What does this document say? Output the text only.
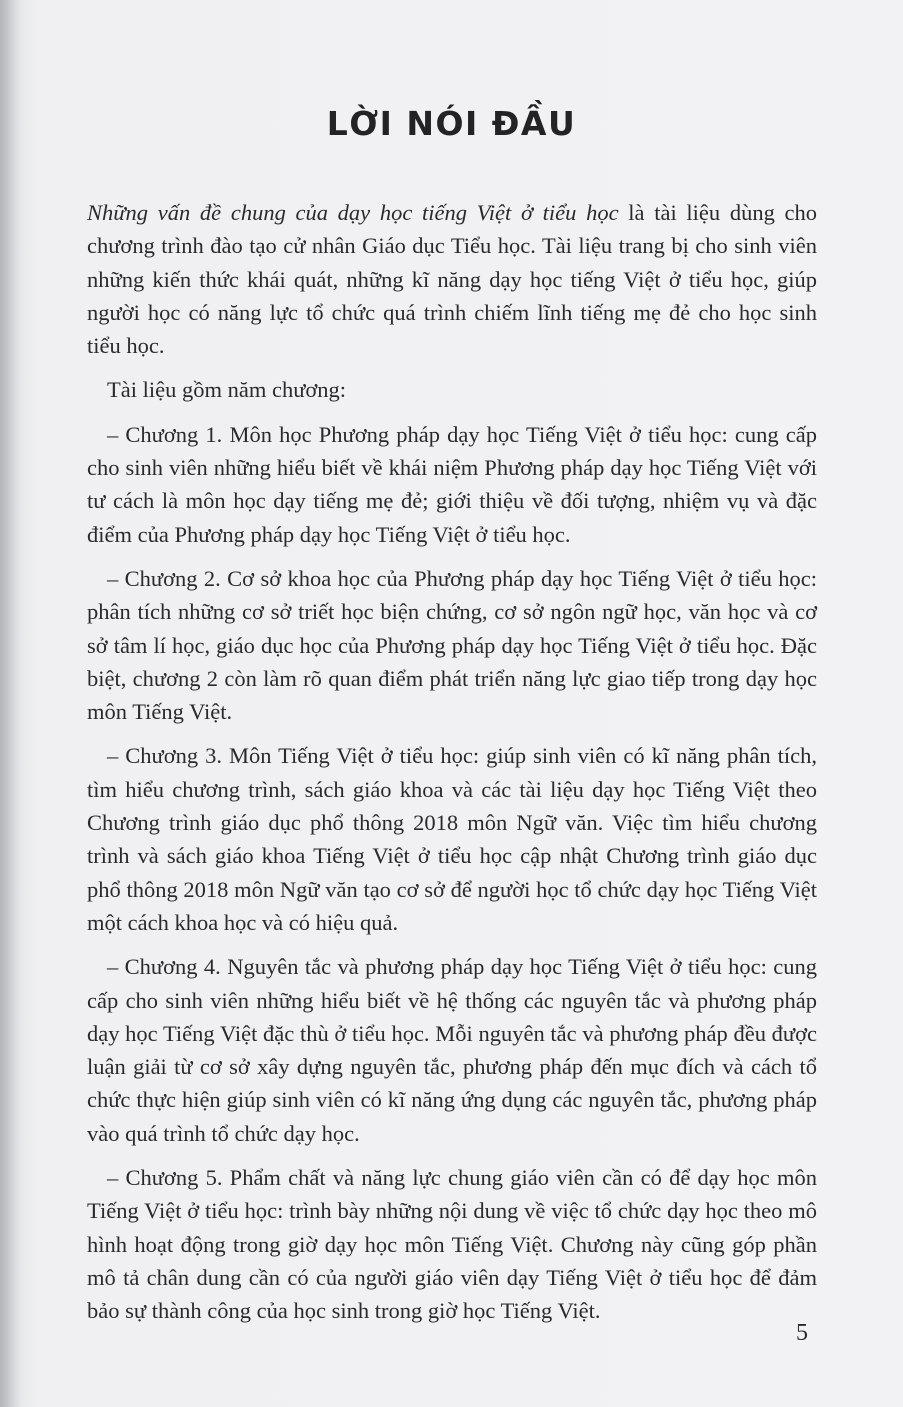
LỜI NÓI ĐẦU

Những vấn đề chung của dạy học tiếng Việt ở tiểu học là tài liệu dùng cho chương trình đào tạo cử nhân Giáo dục Tiểu học. Tài liệu trang bị cho sinh viên những kiến thức khái quát, những kĩ năng dạy học tiếng Việt ở tiểu học, giúp người học có năng lực tổ chức quá trình chiếm lĩnh tiếng mẹ đẻ cho học sinh tiểu học.

Tài liệu gồm năm chương:

– Chương 1. Môn học Phương pháp dạy học Tiếng Việt ở tiểu học: cung cấp cho sinh viên những hiểu biết về khái niệm Phương pháp dạy học Tiếng Việt với tư cách là môn học dạy tiếng mẹ đẻ; giới thiệu về đối tượng, nhiệm vụ và đặc điểm của Phương pháp dạy học Tiếng Việt ở tiểu học.

– Chương 2. Cơ sở khoa học của Phương pháp dạy học Tiếng Việt ở tiểu học: phân tích những cơ sở triết học biện chứng, cơ sở ngôn ngữ học, văn học và cơ sở tâm lí học, giáo dục học của Phương pháp dạy học Tiếng Việt ở tiểu học. Đặc biệt, chương 2 còn làm rõ quan điểm phát triển năng lực giao tiếp trong dạy học môn Tiếng Việt.

– Chương 3. Môn Tiếng Việt ở tiểu học: giúp sinh viên có kĩ năng phân tích, tìm hiểu chương trình, sách giáo khoa và các tài liệu dạy học Tiếng Việt theo Chương trình giáo dục phổ thông 2018 môn Ngữ văn. Việc tìm hiểu chương trình và sách giáo khoa Tiếng Việt ở tiểu học cập nhật Chương trình giáo dục phổ thông 2018 môn Ngữ văn tạo cơ sở để người học tổ chức dạy học Tiếng Việt một cách khoa học và có hiệu quả.

– Chương 4. Nguyên tắc và phương pháp dạy học Tiếng Việt ở tiểu học: cung cấp cho sinh viên những hiểu biết về hệ thống các nguyên tắc và phương pháp dạy học Tiếng Việt đặc thù ở tiểu học. Mỗi nguyên tắc và phương pháp đều được luận giải từ cơ sở xây dựng nguyên tắc, phương pháp đến mục đích và cách tổ chức thực hiện giúp sinh viên có kĩ năng ứng dụng các nguyên tắc, phương pháp vào quá trình tổ chức dạy học.

– Chương 5. Phẩm chất và năng lực chung giáo viên cần có để dạy học môn Tiếng Việt ở tiểu học: trình bày những nội dung về việc tổ chức dạy học theo mô hình hoạt động trong giờ dạy học môn Tiếng Việt. Chương này cũng góp phần mô tả chân dung cần có của người giáo viên dạy Tiếng Việt ở tiểu học để đảm bảo sự thành công của học sinh trong giờ học Tiếng Việt.

5
